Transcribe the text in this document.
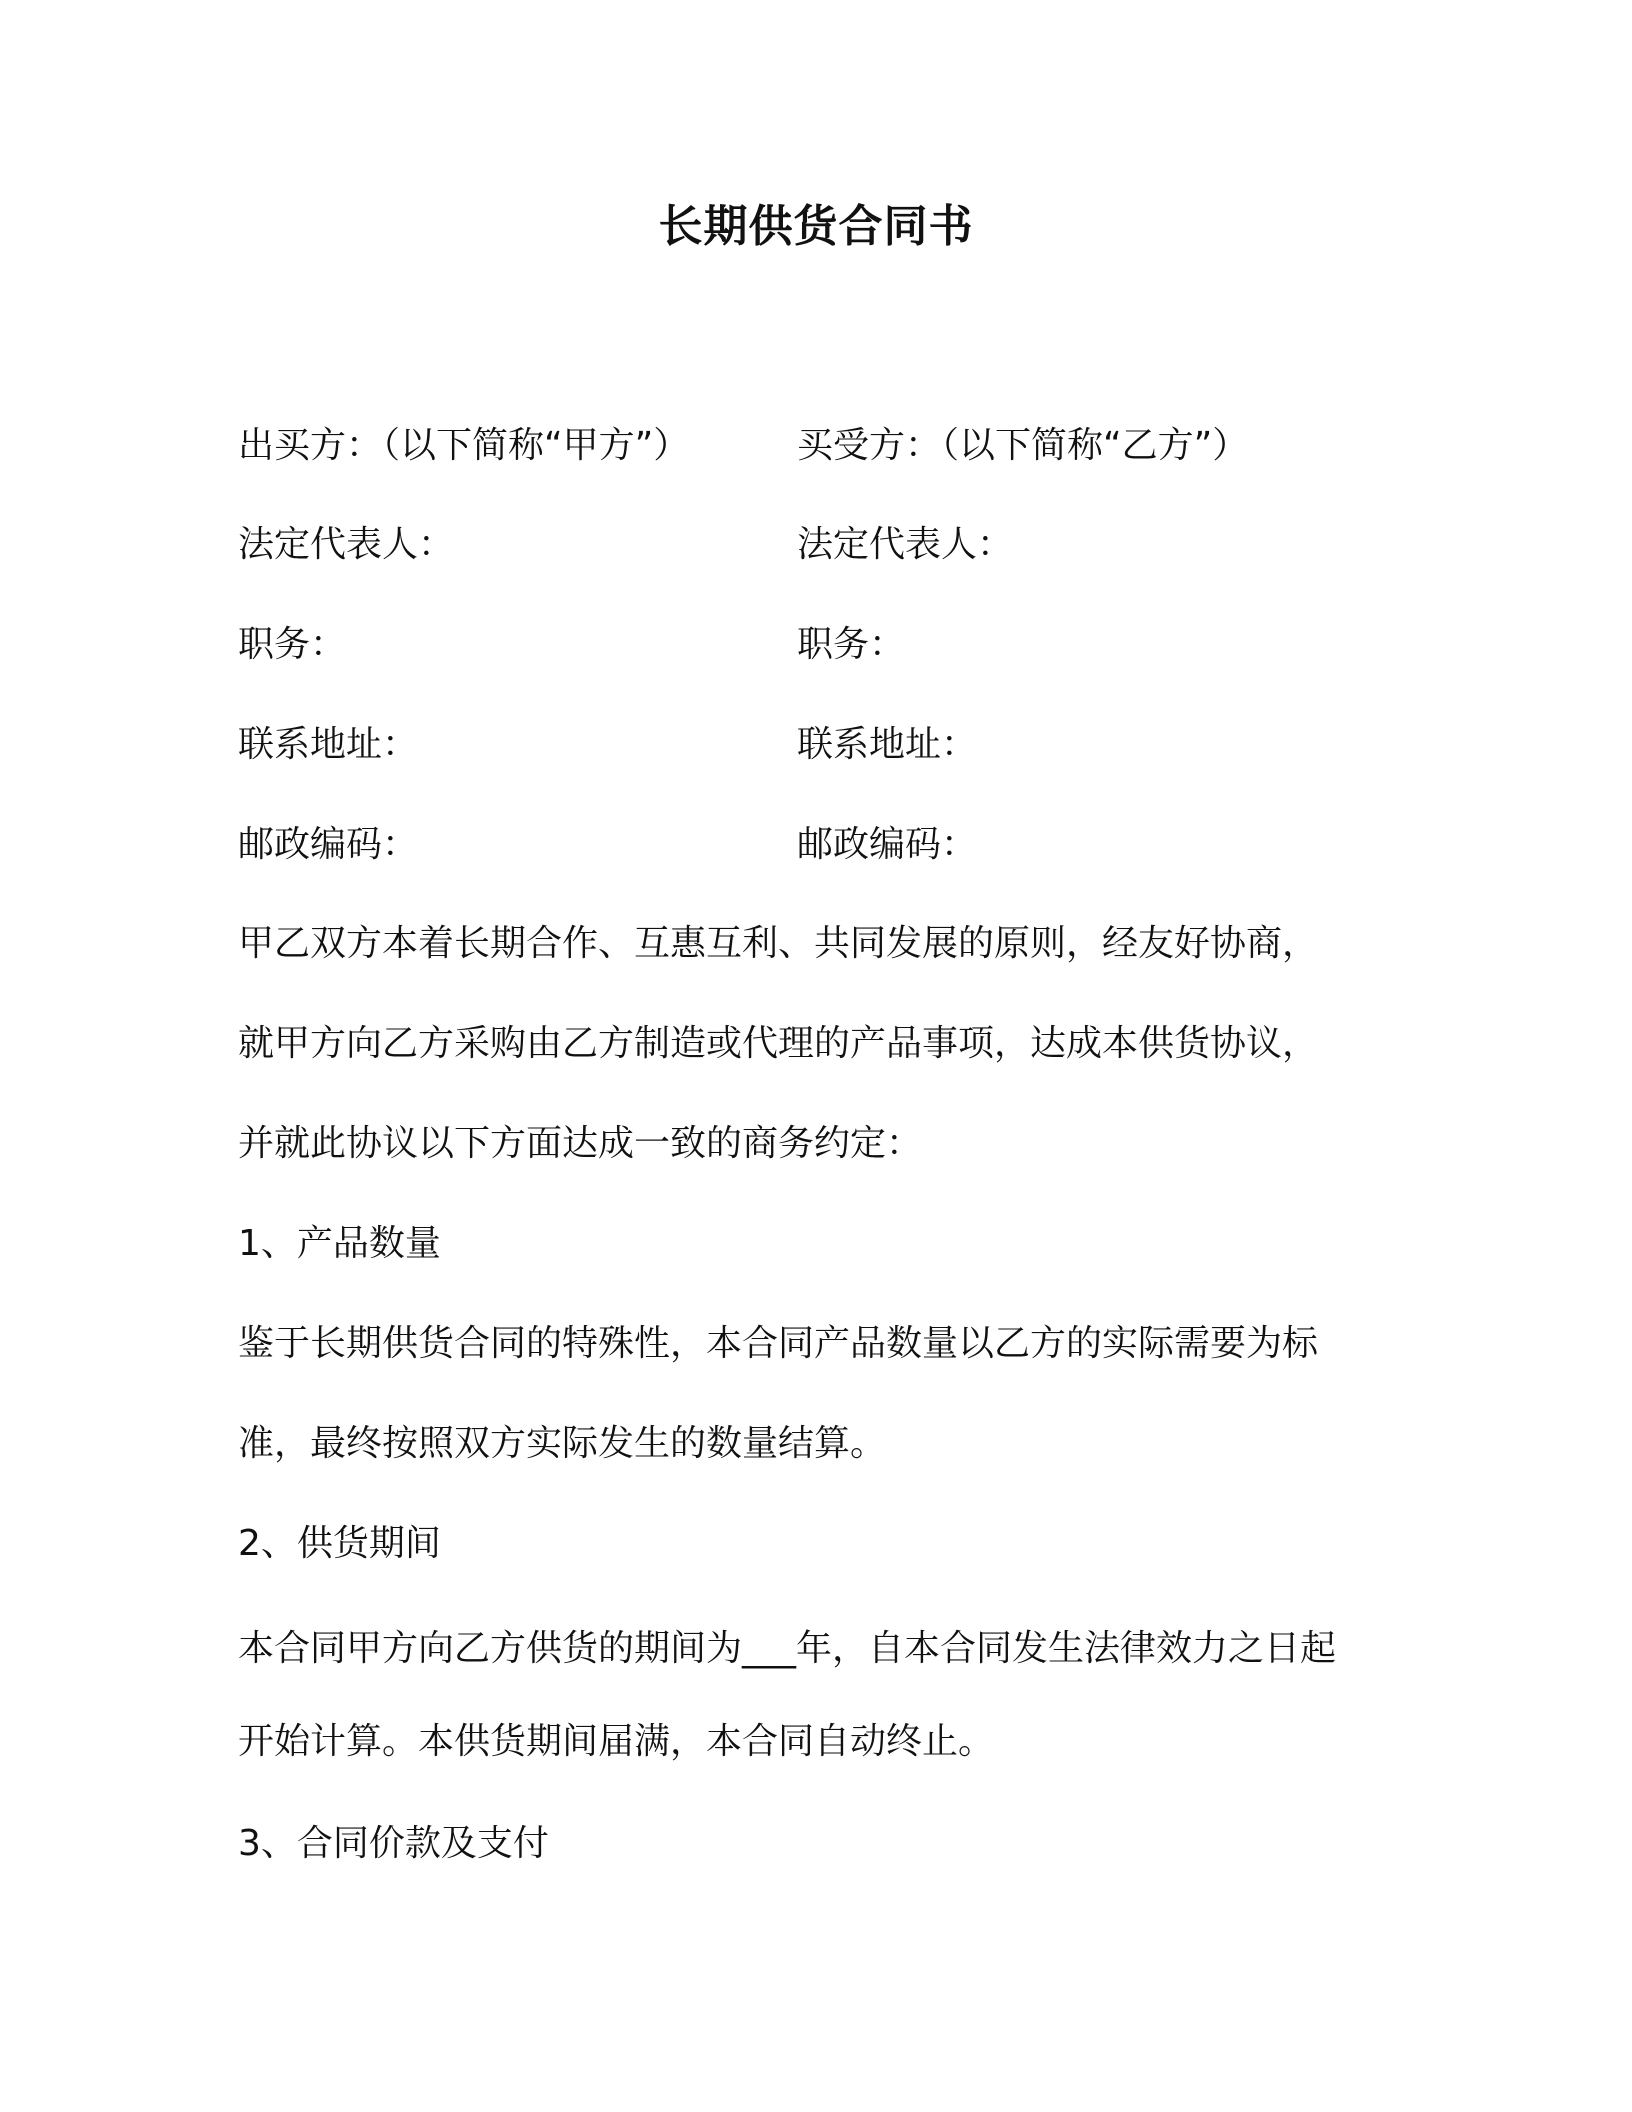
长期供货合同书
出买方：（以下简称“甲方”）	买受方：（以下简称“乙方”）
法定代表人：	法定代表人：
职务：	职务：
联系地址：	联系地址：
邮政编码：	邮政编码：
甲乙双方本着长期合作、互惠互利、共同发展的原则，经友好协商，
就甲方向乙方采购由乙方制造或代理的产品事项，达成本供货协议，
并就此协议以下方面达成一致的商务约定：
1、产品数量
鉴于长期供货合同的特殊性，本合同产品数量以乙方的实际需要为标
准，最终按照双方实际发生的数量结算。
2、供货期间
本合同甲方向乙方供货的期间为___年，自本合同发生法律效力之日起
开始计算。本供货期间届满，本合同自动终止。
3、合同价款及支付
